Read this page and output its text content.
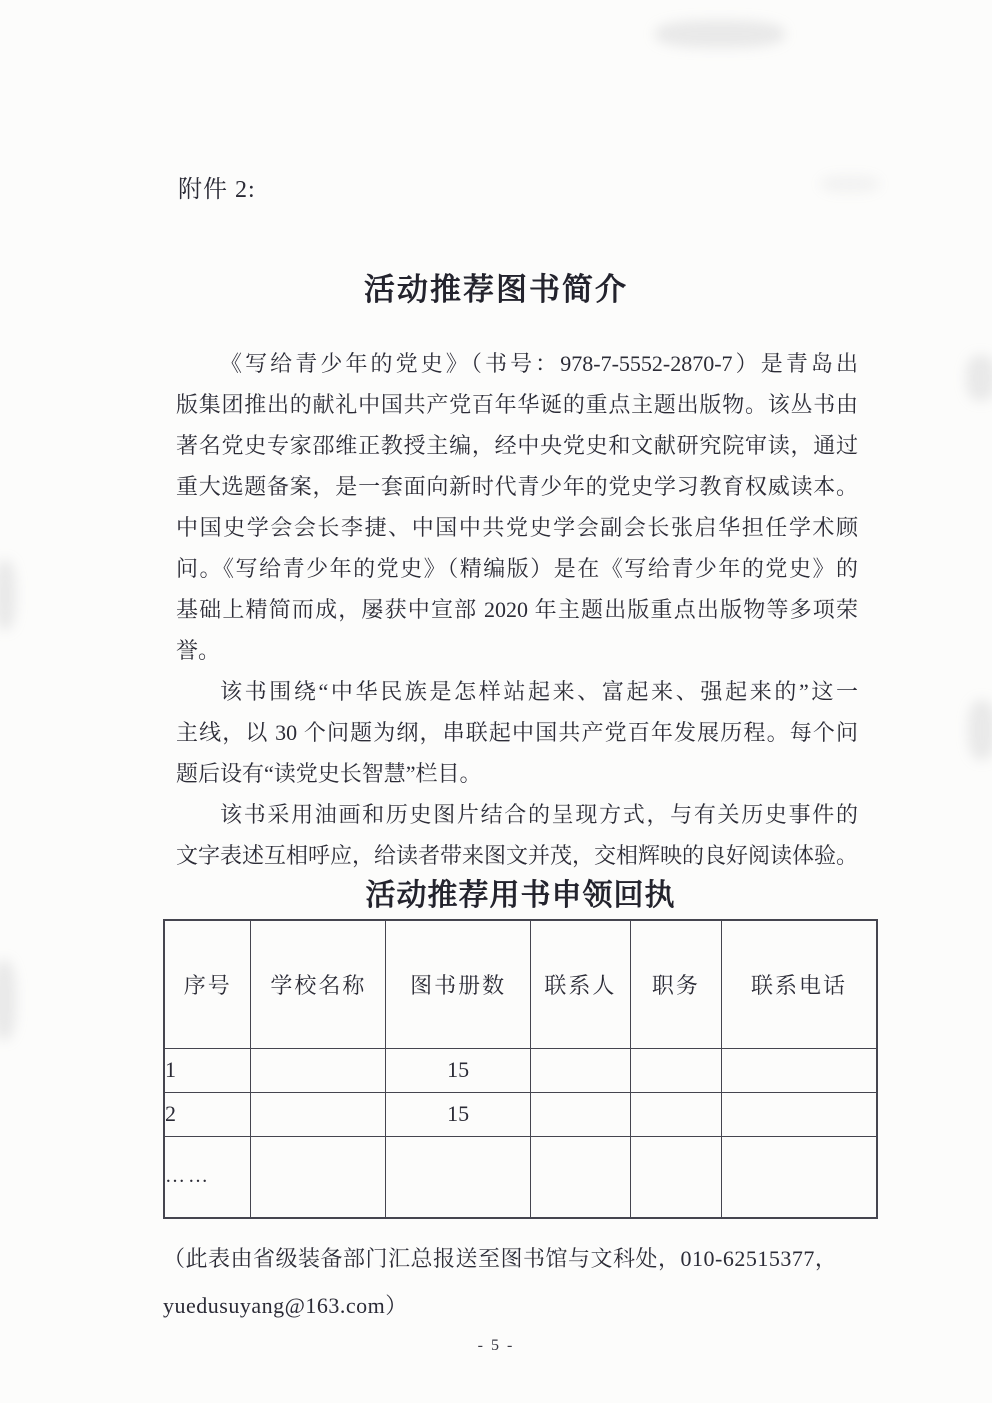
附件 2:
活动推荐图书简介
《写给青少年的党史》（书号：978-7-5552-2870-7）是青岛出
版集团推出的献礼中国共产党百年华诞的重点主题出版物。该丛书由
著名党史专家邵维正教授主编，经中央党史和文献研究院审读，通过
重大选题备案，是一套面向新时代青少年的党史学习教育权威读本。
中国史学会会长李捷、中国中共党史学会副会长张启华担任学术顾
问。《写给青少年的党史》（精编版）是在《写给青少年的党史》的
基础上精简而成，屡获中宣部 2020 年主题出版重点出版物等多项荣
誉。
该书围绕“中华民族是怎样站起来、富起来、强起来的”这一
主线，以 30 个问题为纲，串联起中国共产党百年发展历程。每个问
题后设有“读党史长智慧”栏目。
该书采用油画和历史图片结合的呈现方式，与有关历史事件的
文字表述互相呼应，给读者带来图文并茂，交相辉映的良好阅读体验。
活动推荐用书申领回执
序号	学校名称	图书册数	联系人	职务	联系电话
1		15			
2		15			
……					
（此表由省级装备部门汇总报送至图书馆与文科处，010-62515377，
yuedusuyang@163.com）
- 5 -
